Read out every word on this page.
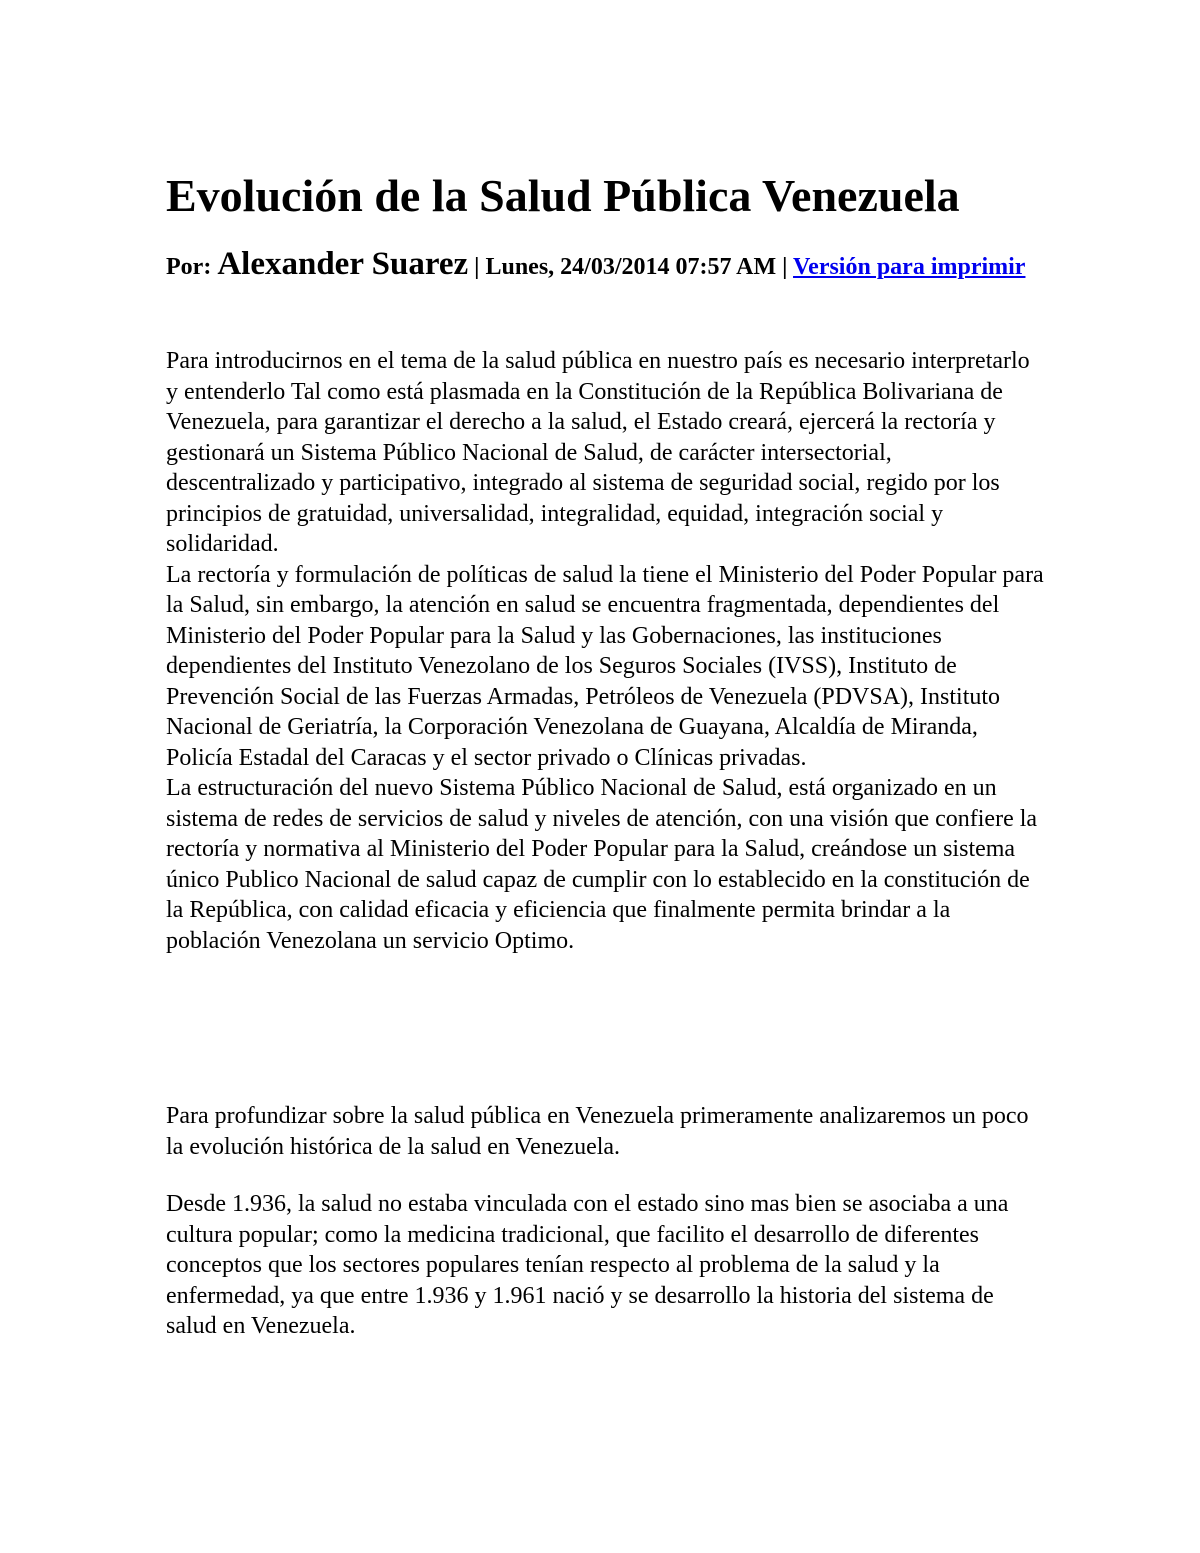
Evolución de la Salud Pública Venezuela
Por: Alexander Suarez | Lunes, 24/03/2014 07:57 AM | Versión para imprimir

Para introducirnos en el tema de la salud pública en nuestro país es necesario interpretarlo y entenderlo Tal como está plasmada en la Constitución de la República Bolivariana de Venezuela, para garantizar el derecho a la salud, el Estado creará, ejercerá la rectoría y gestionará un Sistema Público Nacional de Salud, de carácter intersectorial, descentralizado y participativo, integrado al sistema de seguridad social, regido por los principios de gratuidad, universalidad, integralidad, equidad, integración social y solidaridad.

La rectoría y formulación de políticas de salud la tiene el Ministerio del Poder Popular para la Salud, sin embargo, la atención en salud se encuentra fragmentada, dependientes del Ministerio del Poder Popular para la Salud y las Gobernaciones, las instituciones dependientes del Instituto Venezolano de los Seguros Sociales (IVSS), Instituto de Prevención Social de las Fuerzas Armadas, Petróleos de Venezuela (PDVSA), Instituto Nacional de Geriatría, la Corporación Venezolana de Guayana, Alcaldía de Miranda, Policía Estadal del Caracas y el sector privado o Clínicas privadas.

La estructuración del nuevo Sistema Público Nacional de Salud, está organizado en un sistema de redes de servicios de salud y niveles de atención, con una visión que confiere la rectoría y normativa al Ministerio del Poder Popular para la Salud, creándose un sistema único Publico Nacional de salud capaz de cumplir con lo establecido en la constitución de la República, con calidad eficacia y eficiencia que finalmente permita brindar a la población Venezolana un servicio Optimo.

Para profundizar sobre la salud pública en Venezuela primeramente analizaremos un poco la evolución histórica de la salud en Venezuela.

Desde 1.936, la salud no estaba vinculada con el estado sino mas bien se asociaba a una cultura popular; como la medicina tradicional, que facilito el desarrollo de diferentes conceptos que los sectores populares tenían respecto al problema de la salud y la enfermedad, ya que entre 1.936 y 1.961 nació y se desarrollo la historia del sistema de salud en Venezuela.
